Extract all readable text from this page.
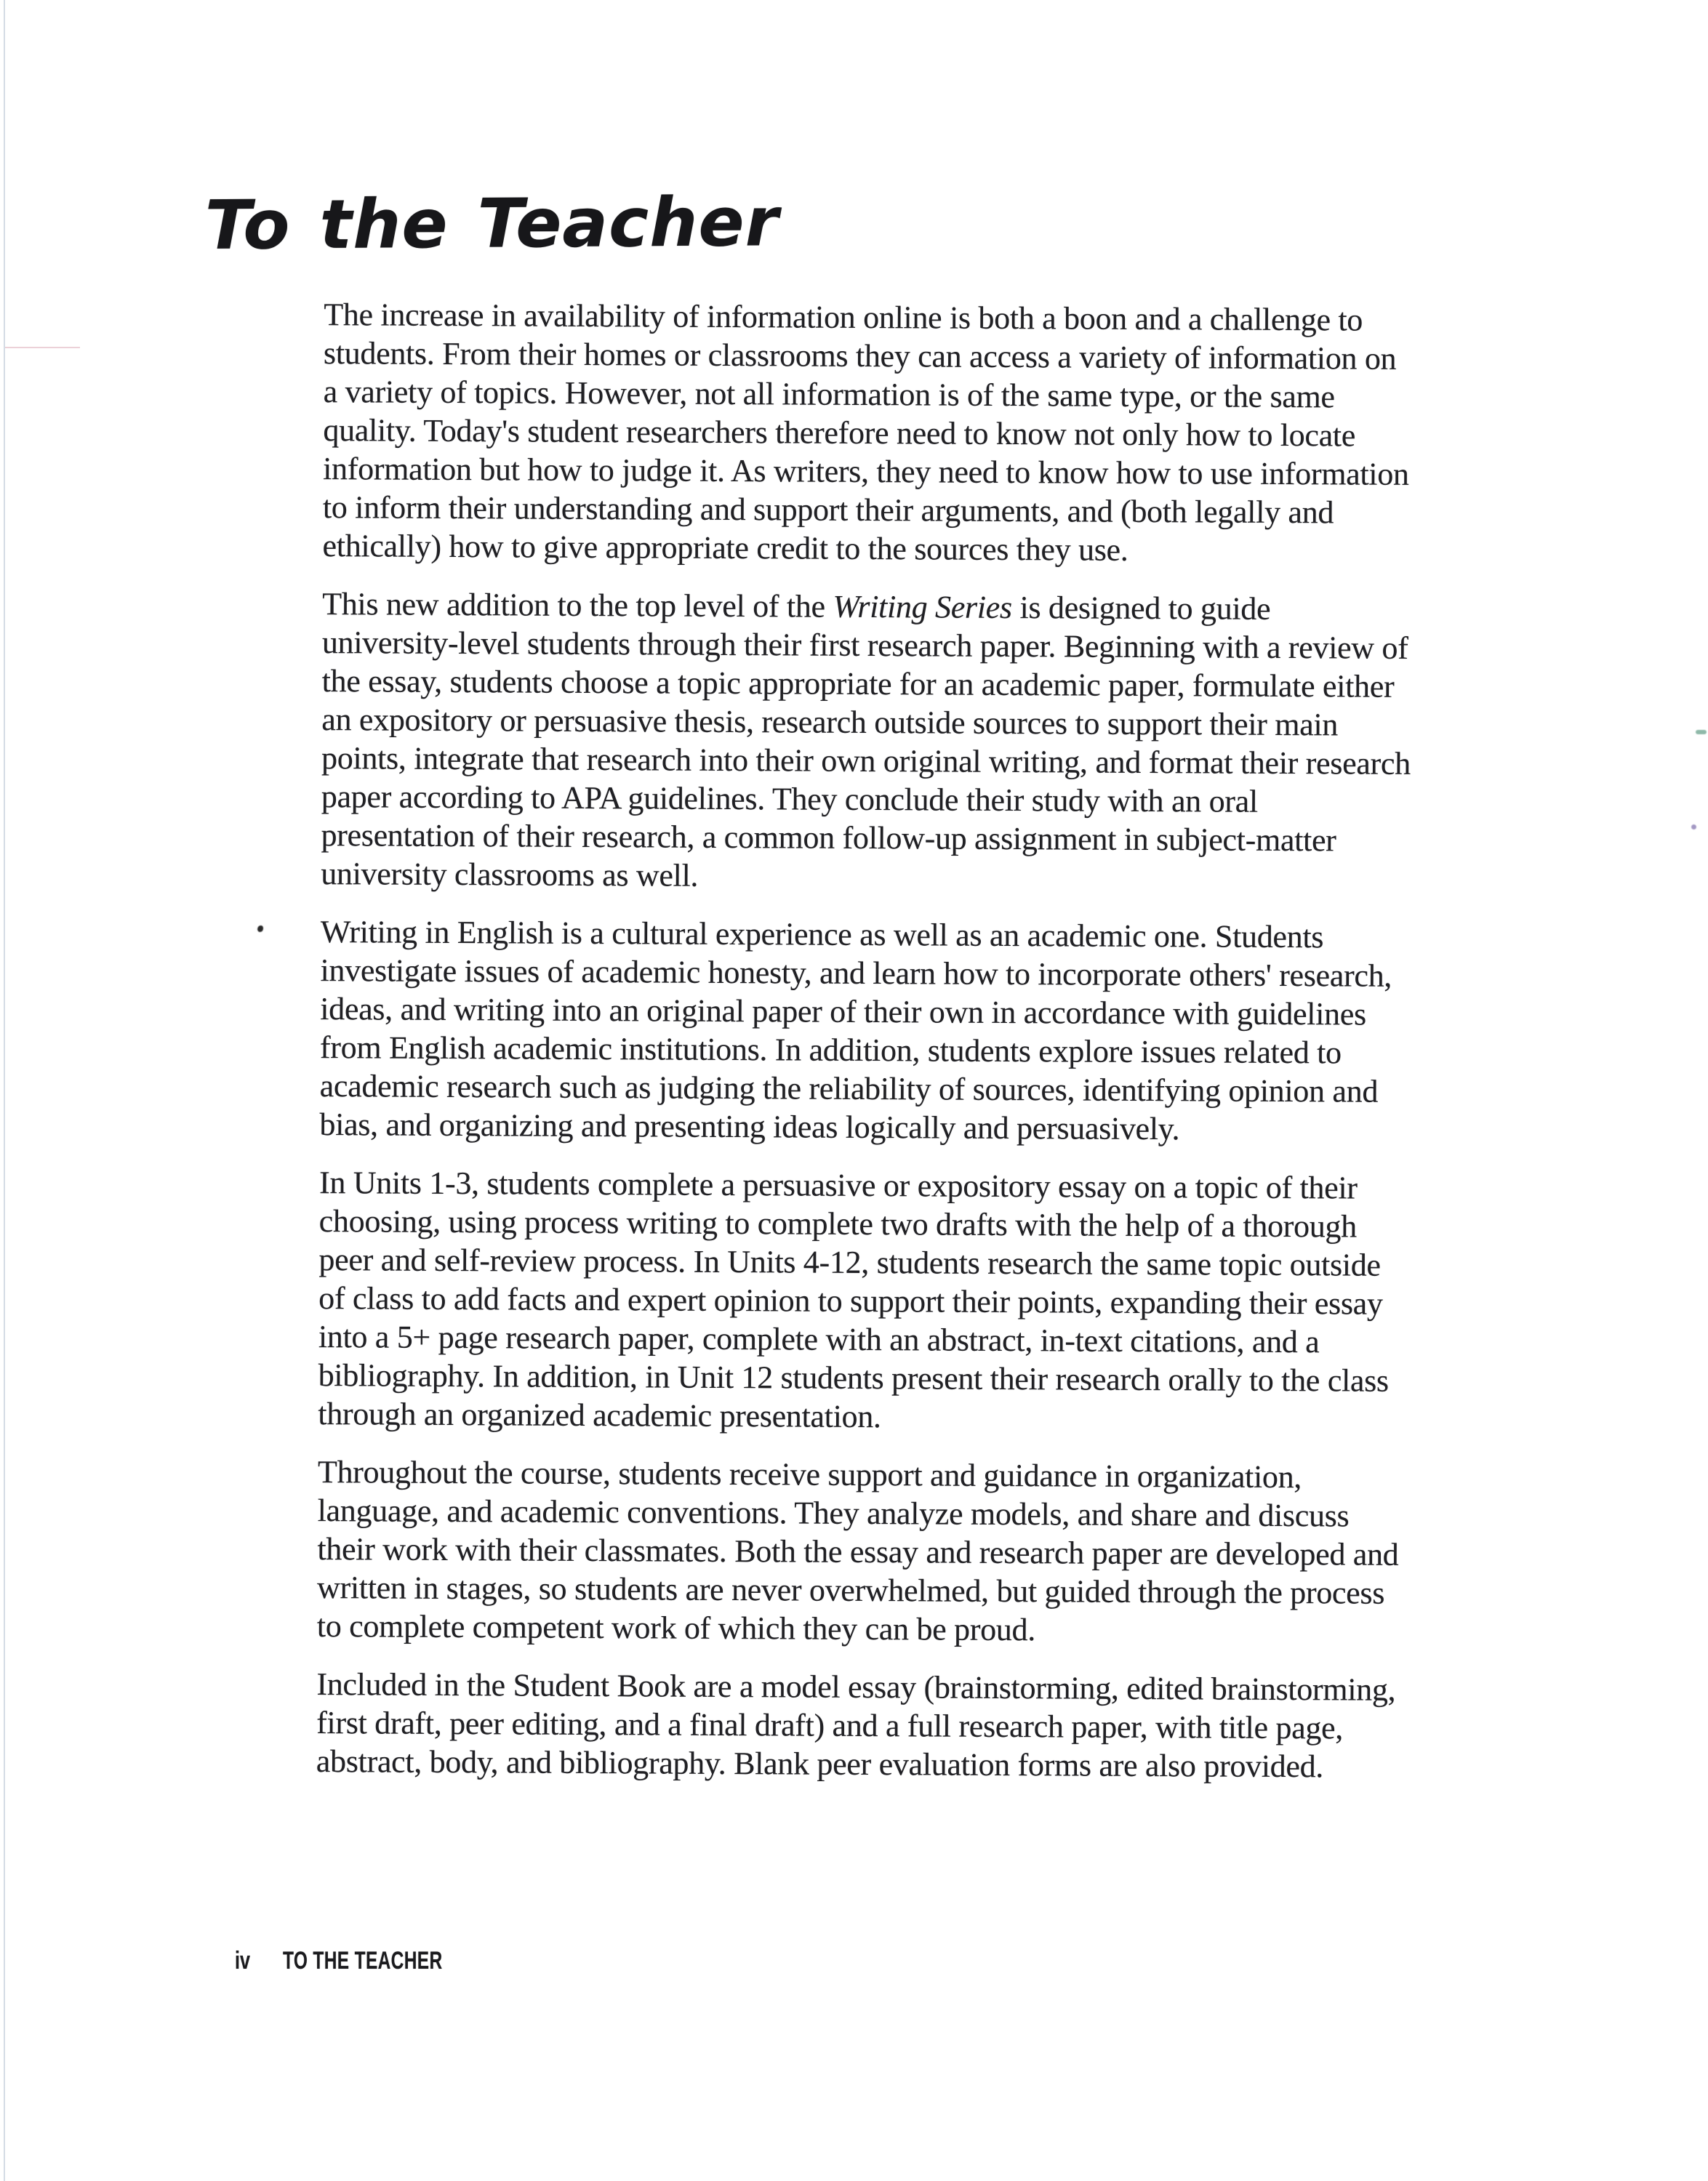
To the Teacher

The increase in availability of information online is both a boon and a challenge to students. From their homes or classrooms they can access a variety of information on a variety of topics. However, not all information is of the same type, or the same quality. Today's student researchers therefore need to know not only how to locate information but how to judge it. As writers, they need to know how to use information to inform their understanding and support their arguments, and (both legally and ethically) how to give appropriate credit to the sources they use.

This new addition to the top level of the Writing Series is designed to guide university-level students through their first research paper. Beginning with a review of the essay, students choose a topic appropriate for an academic paper, formulate either an expository or persuasive thesis, research outside sources to support their main points, integrate that research into their own original writing, and format their research paper according to APA guidelines. They conclude their study with an oral presentation of their research, a common follow-up assignment in subject-matter university classrooms as well.

Writing in English is a cultural experience as well as an academic one. Students investigate issues of academic honesty, and learn how to incorporate others' research, ideas, and writing into an original paper of their own in accordance with guidelines from English academic institutions. In addition, students explore issues related to academic research such as judging the reliability of sources, identifying opinion and bias, and organizing and presenting ideas logically and persuasively.

In Units 1-3, students complete a persuasive or expository essay on a topic of their choosing, using process writing to complete two drafts with the help of a thorough peer and self-review process. In Units 4-12, students research the same topic outside of class to add facts and expert opinion to support their points, expanding their essay into a 5+ page research paper, complete with an abstract, in-text citations, and a bibliography. In addition, in Unit 12 students present their research orally to the class through an organized academic presentation.

Throughout the course, students receive support and guidance in organization, language, and academic conventions. They analyze models, and share and discuss their work with their classmates. Both the essay and research paper are developed and written in stages, so students are never overwhelmed, but guided through the process to complete competent work of which they can be proud.

Included in the Student Book are a model essay (brainstorming, edited brainstorming, first draft, peer editing, and a final draft) and a full research paper, with title page, abstract, body, and bibliography. Blank peer evaluation forms are also provided.

iv TO THE TEACHER
